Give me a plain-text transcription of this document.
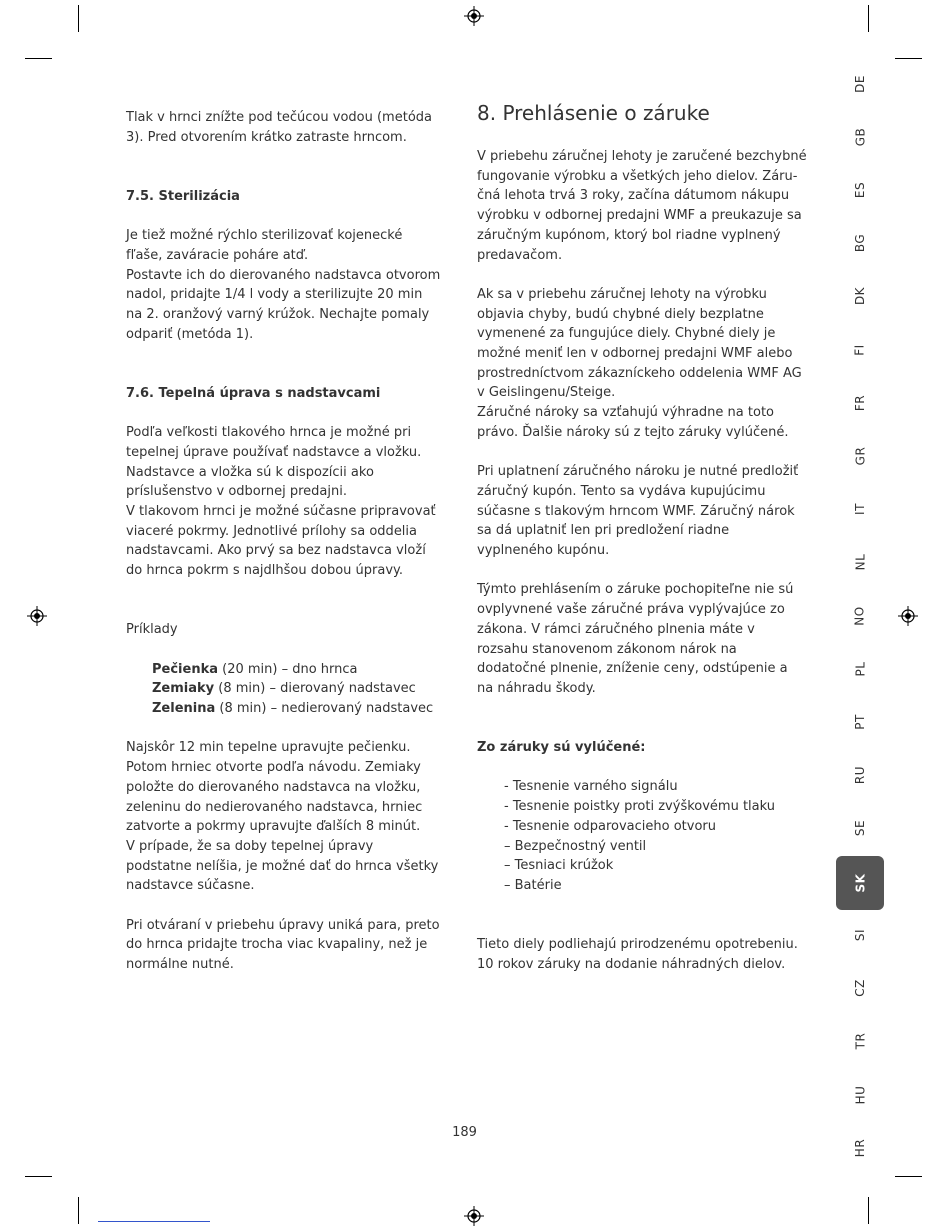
Tlak v hrnci znížte pod tečúcou vodou (metóda 3). Pred otvorením krátko zatraste hrncom.

7.5. Sterilizácia

Je tiež možné rýchlo sterilizovať kojenecké fľaše, zaváracie poháre atď.

Postavte ich do dierovaného nadstavca otvorom nadol, pridajte 1/4 l vody a sterilizujte 20 min na 2. oranžový varný krúžok. Nechajte pomaly odpariť (metóda 1).

7.6. Tepelná úprava s nadstavcami

Podľa veľkosti tlakového hrnca je možné pri tepelnej úprave používať nadstavce a vložku. Nadstavce a vložka sú k dispozícii ako príslušenstvo v odbornej predajni.

V tlakovom hrnci je možné súčasne pripravovať viaceré pokrmy. Jednotlivé prílohy sa oddelia nadstavcami. Ako prvý sa bez nadstavca vloží do hrnca pokrm s najdlhšou dobou úpravy.

Príklady

Pečienka (20 min) – dno hrnca

Zemiaky (8 min) – dierovaný nadstavec

Zelenina (8 min) – nedierovaný nadstavec

Najskôr 12 min tepelne upravujte pečienku. Potom hrniec otvorte podľa návodu. Zemiaky položte do dierovaného nadstavca na vložku, zeleninu do nedierovaného nadstavca, hrniec zatvorte a pokrmy upravujte ďalších 8 minút.

V prípade, že sa doby tepelnej úpravy podstatne nelíšia, je možné dať do hrnca všetky nadstavce súčasne.

Pri otváraní v priebehu úpravy uniká para, preto do hrnca pridajte trocha viac kvapaliny, než je normálne nutné.

8. Prehlásenie o záruke

V priebehu záručnej lehoty je zaručené bezchybné fungovanie výrobku a všetkých jeho dielov. Záru-čná lehota trvá 3 roky, začína dátumom nákupu výrobku v odbornej predajni WMF a preukazuje sa záručným kupónom, ktorý bol riadne vyplnený predavačom.

Ak sa v priebehu záručnej lehoty na výrobku objavia chyby, budú chybné diely bezplatne vymenené za fungujúce diely. Chybné diely je možné meniť len v odbornej predajni WMF alebo prostredníctvom zákazníckeho oddelenia WMF AG v Geislingenu/Steige.

Záručné nároky sa vzťahujú výhradne na toto právo. Ďalšie nároky sú z tejto záruky vylúčené.

Pri uplatnení záručného nároku je nutné predložiť záručný kupón. Tento sa vydáva kupujúcimu súčasne s tlakovým hrncom WMF. Záručný nárok sa dá uplatniť len pri predložení riadne vyplneného kupónu.

Týmto prehlásením o záruke pochopiteľne nie sú ovplyvnené vaše záručné práva vyplývajúce zo zákona. V rámci záručného plnenia máte v rozsahu stanovenom zákonom nárok na dodatočné plnenie, zníženie ceny, odstúpenie a na náhradu škody.

Zo záruky sú vylúčené:

- Tesnenie varného signálu

- Tesnenie poistky proti zvýškovému tlaku

- Tesnenie odparovacieho otvoru

– Bezpečnostný ventil

– Tesniaci krúžok

– Batérie

Tieto diely podliehajú prirodzenému opotrebeniu. 10 rokov záruky na dodanie náhradných dielov.

DE
GB
ES
BG
DK
FI
FR
GR
IT
NL
NO
PL
PT
RU
SE
SK
SI
CZ
TR
HU
HR
189
